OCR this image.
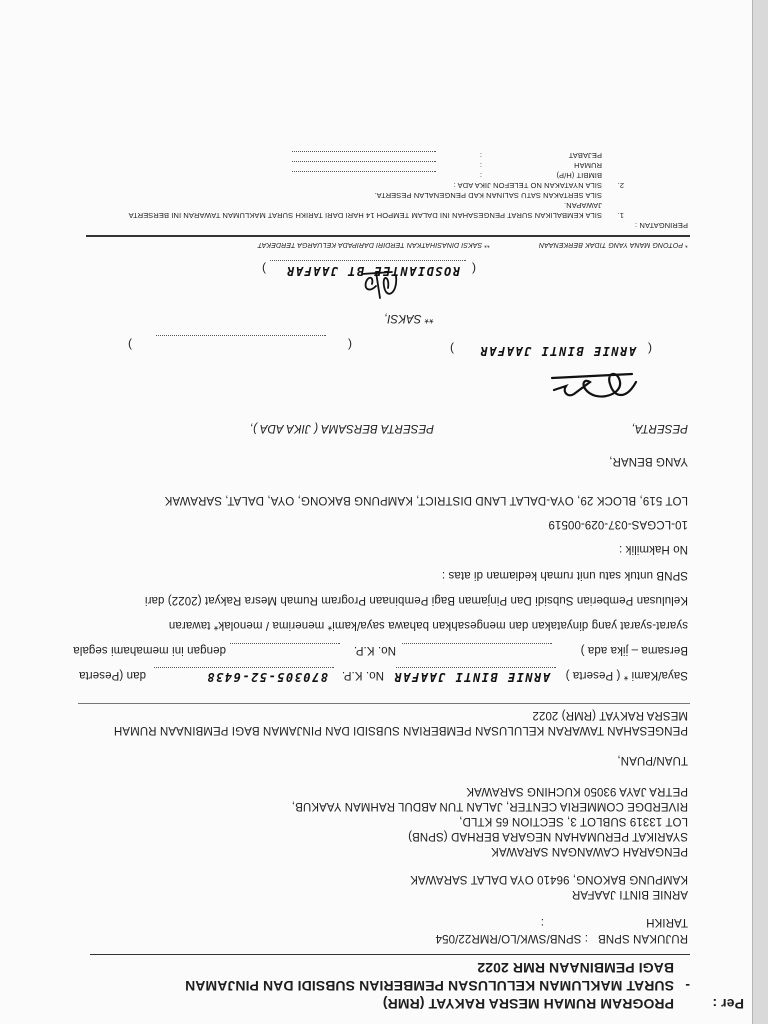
Per :
PROGRAM RUMAH MESRA RAKYAT (RMR)
-
SURAT MAKLUMAN KELULUSAN PEMBERIAN SUBSIDI DAN PINJAMAN
BAGI PEMBINAAN RMR 2022
RUJUKAN SPNB
: SPNB/SWK/LO/RMR22/054
TARIKH
:
ARNIE BINTI JAAFAR
KAMPUNG BAKONG, 96410 OYA DALAT SARAWAK
PENGARAH CAWANGAN SARAWAK
SYARIKAT PERUMAHAN NEGARA BERHAD (SPNB)
LOT 13319 SUBLOT 3, SECTION 65 KTLD,
RIVERDGE COMMERIA CENTER, JALAN TUN ABDUL RAHMAN YAAKUB,
PETRA JAYA 93050 KUCHING SARAWAK
TUAN/PUAN,
PENGESAHAN TAWARAN KELULUSAN PEMBERIAN SUBSIDI DAN PINJAMAN BAGI PEMBINAAN RUMAH
MESRA RAKYAT (RMR) 2022
Saya/Kami * ( Peserta )
ARNIE BINTI JAAFAR
No. K.P.
870305-52-6438
dan (Peserta
Bersama – jika ada )
No. K.P.
dengan ini memahami segala
syarat-syarat yang dinyatakan dan mengesahkan bahawa saya/kami* menerima / menolak* tawaran
Kelulusan Pemberian Subsidi Dan Pinjaman Bagi Pembinaan Program Rumah Mesra Rakyat (2022) dari
SPNB untuk satu unit rumah kediaman di atas :
No Hakmilik :
10-LCGAS-037-029-00519
LOT 519, BLOCK 29, OYA-DALAT LAND DISTRICT, KAMPUNG BAKONG, OYA, DALAT, SARAWAK
YANG BENAR,
PESERTA,
PESERTA BERSAMA ( JIKA ADA ),
(
ARNIE BINTI JAAFAR
)
(
)
** SAKSI,
(
ROSDIANTEE BT JAAFAR
)
* POTONG MANA YANG TIDAK BERKENAAN
** SAKSI DINASIHATKAN TERDIRI DARIPADA KELUARGA TERDEKAT
PERINGATAN :
1.
SILA KEMBALIKAN SURAT PENGESAHAN INI DALAM TEMPOH 14 HARI DARI TARIKH SURAT MAKLUMAN TAWARAN INI BERSERTA
JAWAPAN.
SILA SERTAKAN SATU SALINAN KAD PENGENALAN PESERTA.
2.
SILA NYATAKAN NO TELEFON JIKA ADA :
BIMBIT (H/P)
:
RUMAH
:
PEJABAT
:
